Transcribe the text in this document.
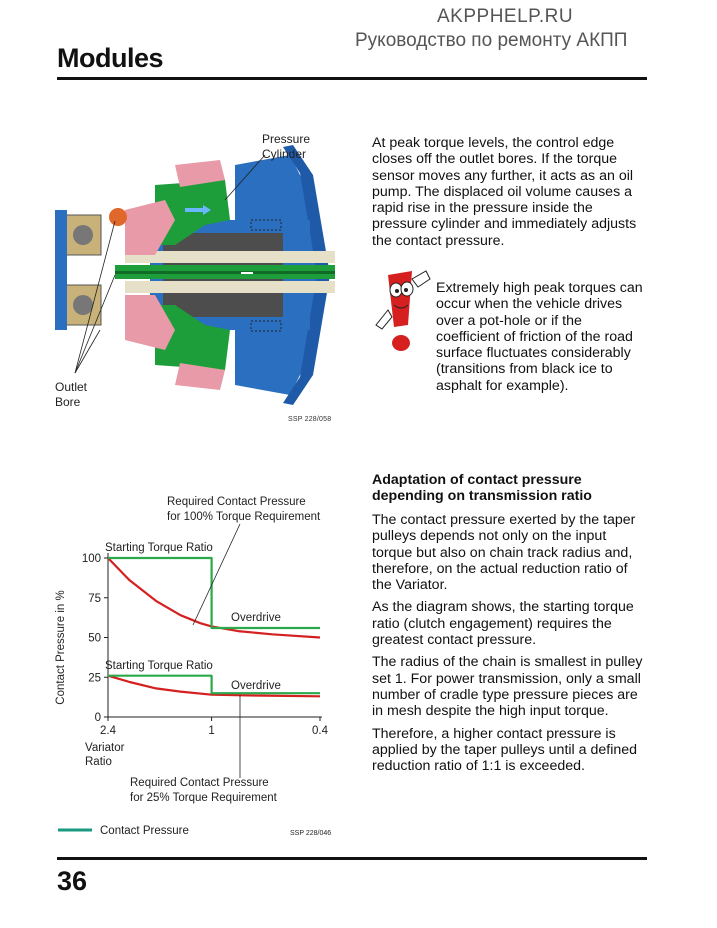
AKPPHELP.RU
Руководство по ремонту АКПП
Modules
Pressure
Cylinder
Outlet
Bore
SSP 228/058
At peak torque levels, the control edge closes off the outlet bores. If the torque sensor moves any further, it acts as an oil pump. The displaced oil volume causes a rapid rise in the pressure inside the pressure cylinder and immediately adjusts the contact pressure.
Extremely high peak torques can occur when the vehicle drives over a pot-hole or if the coefficient of friction of the road surface fluctuates considerably (transitions from black ice to asphalt for example).
Adaptation of contact pressure
depending on transmission ratio

The contact pressure exerted by the taper pulleys depends not only on the input torque but also on chain track radius and, therefore, on the actual reduction ratio of the Variator.

As the diagram shows, the starting torque ratio (clutch engagement) requires the greatest contact pressure.

The radius of the chain is smallest in pulley set 1. For power transmission, only a small number of cradle type pressure pieces are in mesh despite the high input torque.

Therefore, a higher contact pressure is applied by the taper pulleys until a defined reduction ratio of 1:1 is exceeded.

0
25
50
75
100
2.4	1	0.4
Contact Pressure in %
Variator
Ratio
Required Contact Pressure
for 100% Torque Requirement
Starting Torque Ratio
Overdrive
Starting Torque Ratio
Overdrive
Required Contact Pressure
for 25% Torque Requirement
Contact Pressure	SSP 228/046
36
